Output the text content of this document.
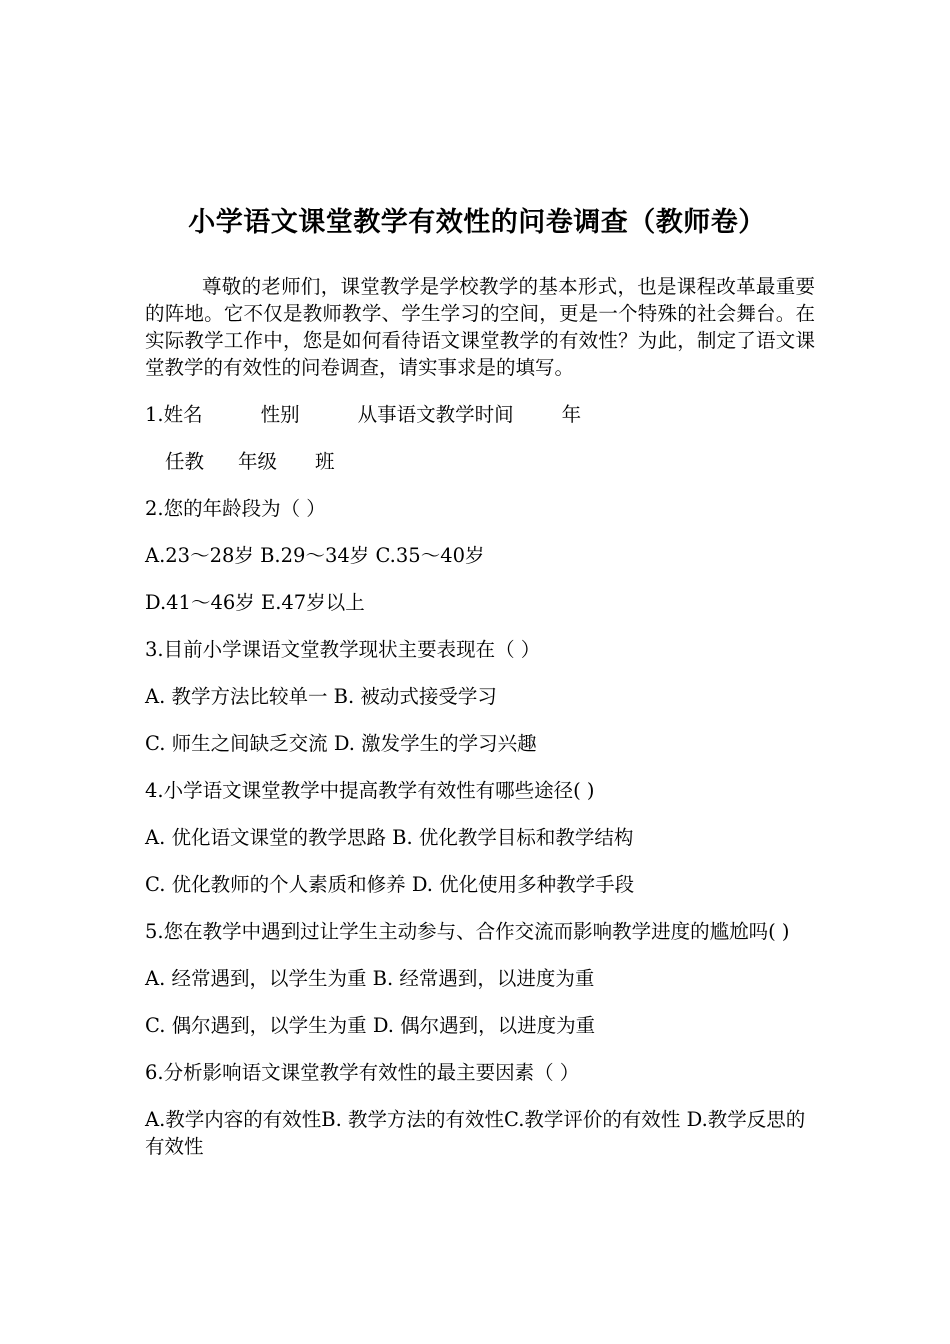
小学语文课堂教学有效性的问卷调查（教师卷）

尊敬的老师们，课堂教学是学校教学的基本形式，也是课程改革最重要的阵地。它不仅是教师教学、学生学习的空间，更是一个特殊的社会舞台。在实际教学工作中，您是如何看待语文课堂教学的有效性？为此，制定了语文课堂教学的有效性的问卷调查，请实事求是的填写。

1.姓名	性别	从事语文教学时间 年
任教 年级 班
2.您的年龄段为（ ）
A.23～28岁 B.29～34岁 C.35～40岁
D.41～46岁 E.47岁以上
3.目前小学课语文堂教学现状主要表现在（ ）
A. 教学方法比较单一 B. 被动式接受学习
C. 师生之间缺乏交流 D. 激发学生的学习兴趣
4.小学语文课堂教学中提高教学有效性有哪些途径( )
A. 优化语文课堂的教学思路 B. 优化教学目标和教学结构
C. 优化教师的个人素质和修养 D. 优化使用多种教学手段
5.您在教学中遇到过让学生主动参与、合作交流而影响教学进度的尴尬吗( )
A. 经常遇到，以学生为重 B. 经常遇到，以进度为重
C. 偶尔遇到，以学生为重 D. 偶尔遇到，以进度为重
6.分析影响语文课堂教学有效性的最主要因素（ ）
A.教学内容的有效性B. 教学方法的有效性C.教学评价的有效性 D.教学反思的有效性
